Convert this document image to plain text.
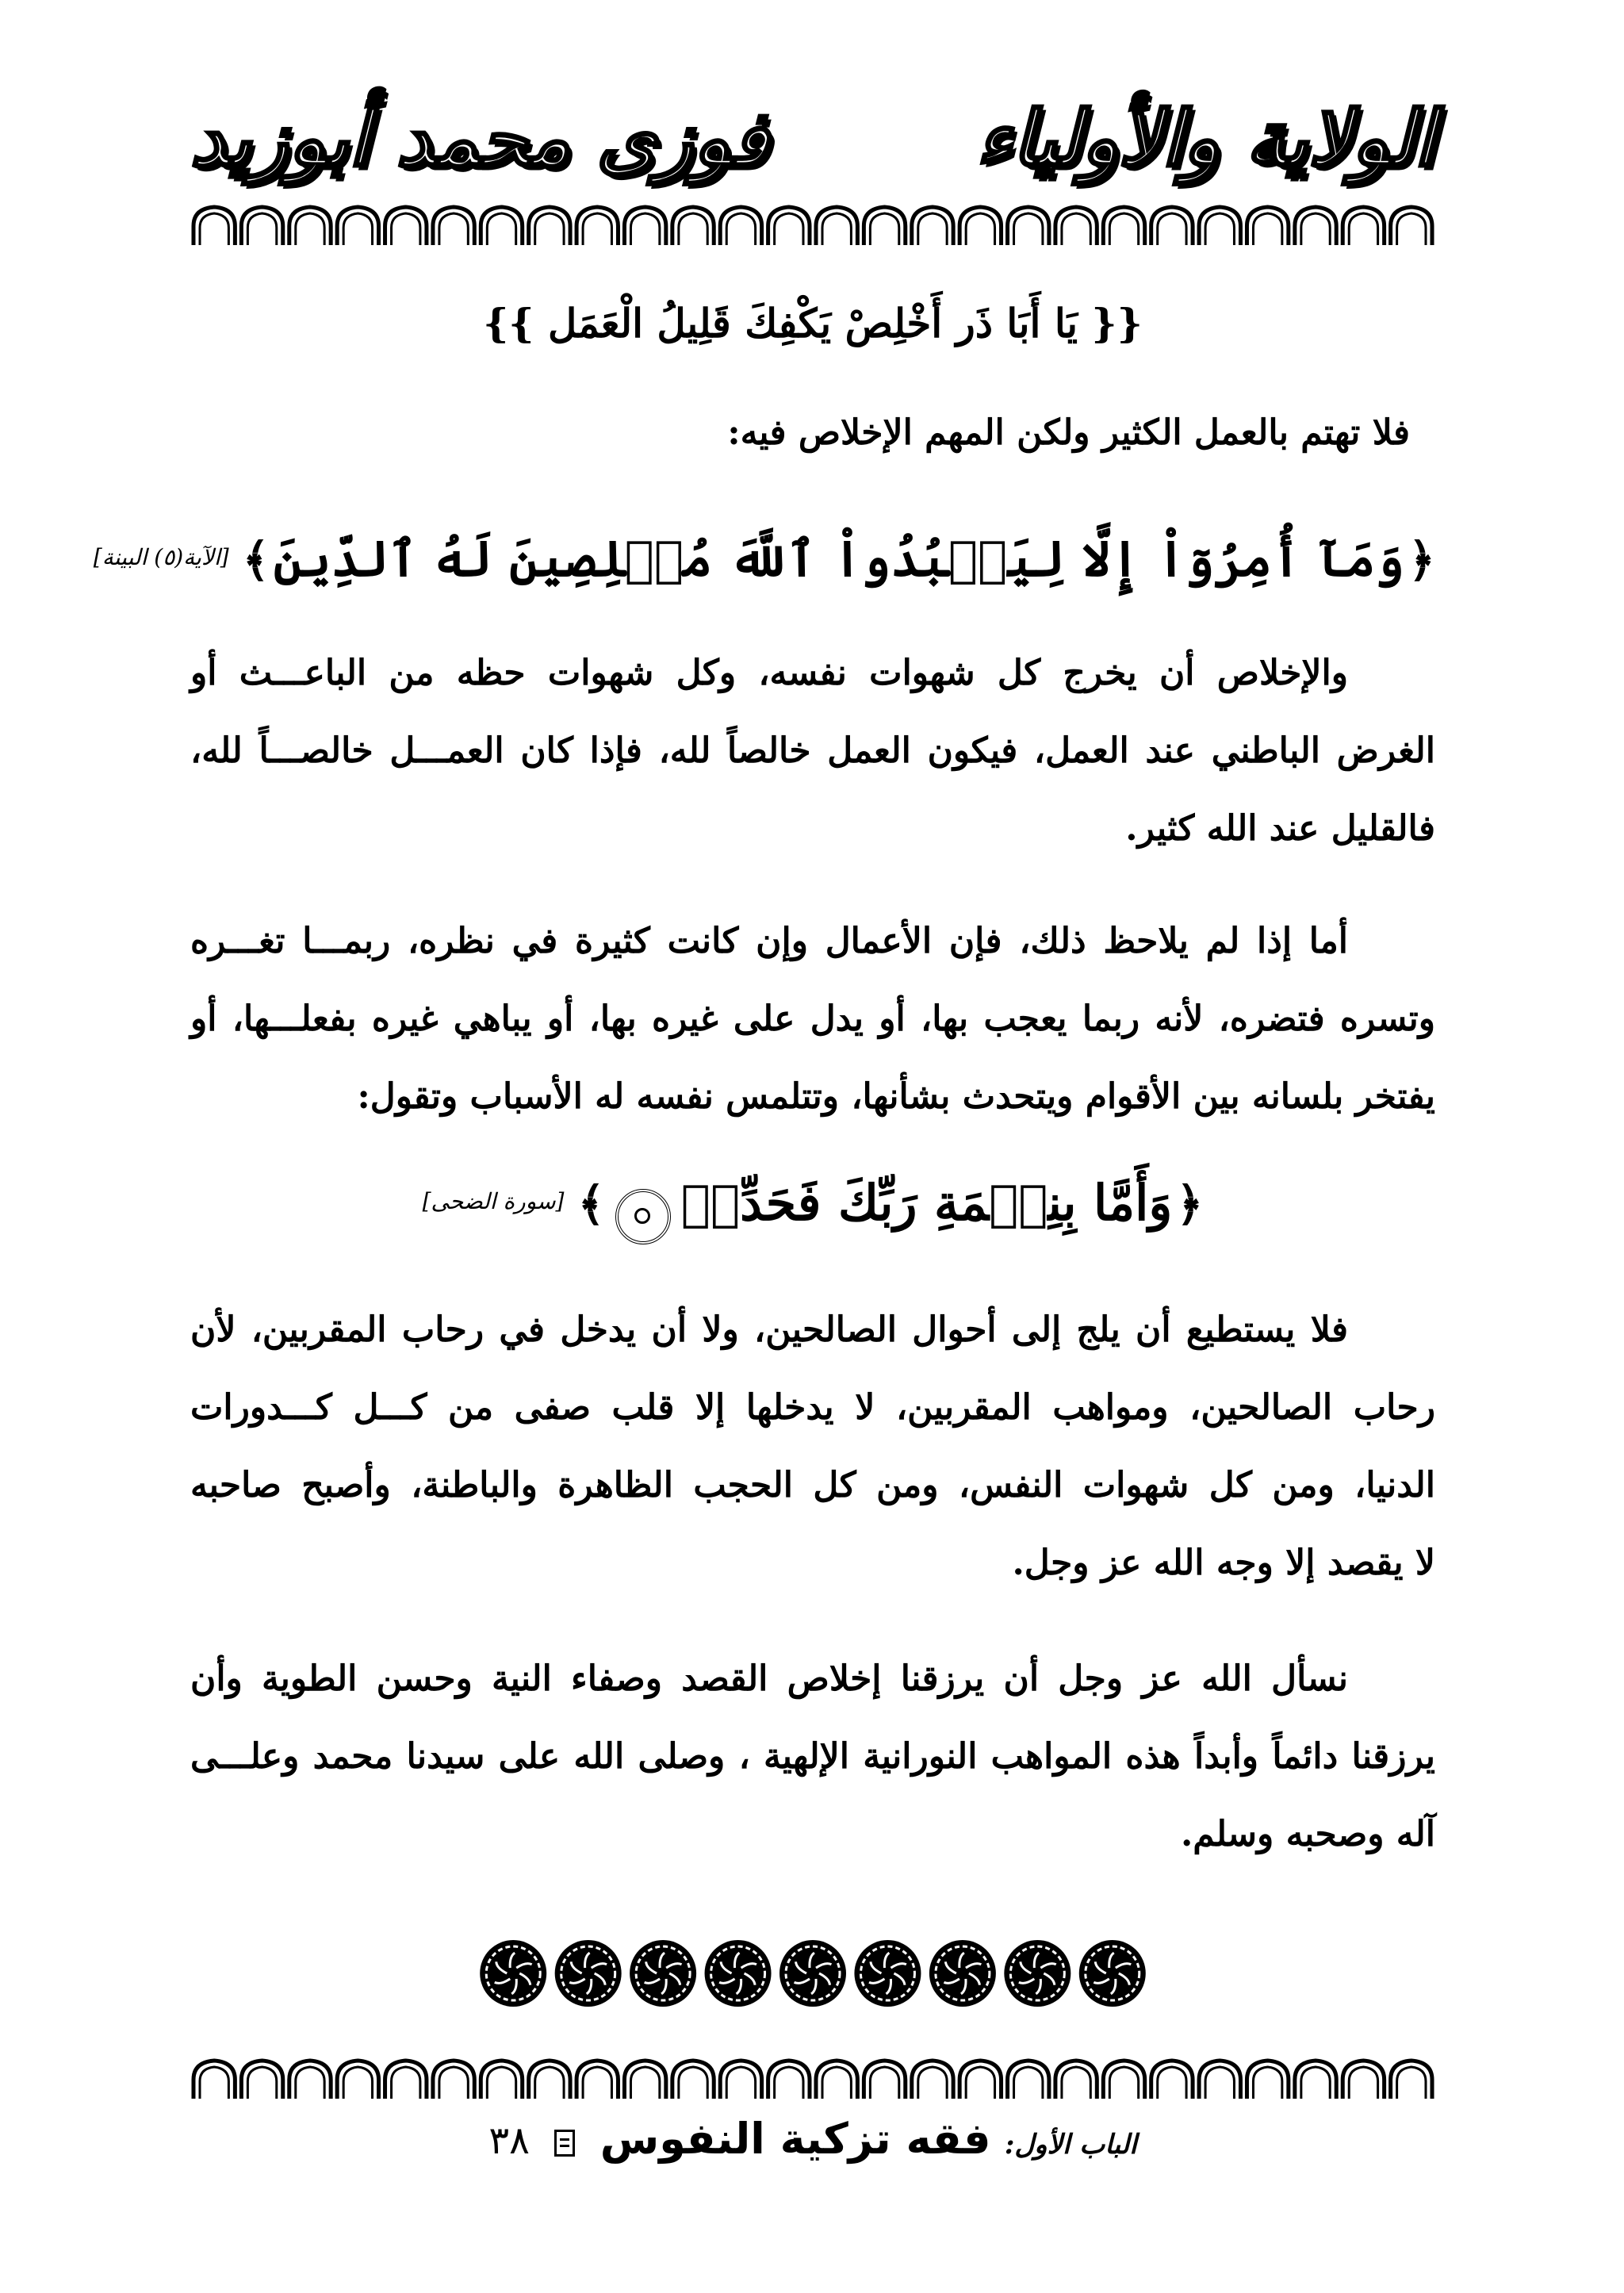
الولاية والأولياء
فوزى محمد أبوزيد
{{ يَا أَبَا ذَر أَخْلِصْ يَكْفِكَ قَلِيلُ الْعَمَل }}
فلا تهتم بالعمل الكثير ولكن المهم الإخلاص فيه:
﴿ وَمَآ أُمِرُوٓاْ إِلَّا لِيَعۡبُدُواْ ٱللَّهَ مُخۡلِصِينَ لَهُ ٱلدِّينَ ﴾ [الآية(٥) البينة]
والإخلاص أن يخرج كل شهوات نفسه، وكل شهوات حظه من الباعـــث أو
الغرض الباطني عند العمل، فيكون العمل خالصاً لله، فإذا كان العمـــل خالصـــاً لله،
فالقليل عند الله كثير.
أما إذا لم يلاحظ ذلك، فإن الأعمال وإن كانت كثيرة في نظره، ربمـــا تغـــره
وتسره فتضره، لأنه ربما يعجب بها، أو يدل على غيره بها، أو يباهي غيره بفعلـــها، أو
يفتخر بلسانه بين الأقوام ويتحدث بشأنها، وتتلمس نفسه له الأسباب وتقول:
﴿ وَأَمَّا بِنِعۡمَةِ رَبِّكَ فَحَدِّثۡ  ﴾ [سورة الضحى]
فلا يستطيع أن يلج إلى أحوال الصالحين، ولا أن يدخل في رحاب المقربين، لأن
رحاب الصالحين، ومواهب المقربين، لا يدخلها إلا قلب صفى من كـــل كـــدورات
الدنيا، ومن كل شهوات النفس، ومن كل الحجب الظاهرة والباطنة، وأصبح صاحبه
لا يقصد إلا وجه الله عز وجل.
نسأل الله عز وجل أن يرزقنا إخلاص القصد وصفاء النية وحسن الطوية وأن
يرزقنا دائماً وأبداً هذه المواهب النورانية الإلهية ، وصلى الله على سيدنا محمد وعلـــى
آله وصحبه وسلم.
الباب الأول: فقه تزكية النفوس  ٣٨
